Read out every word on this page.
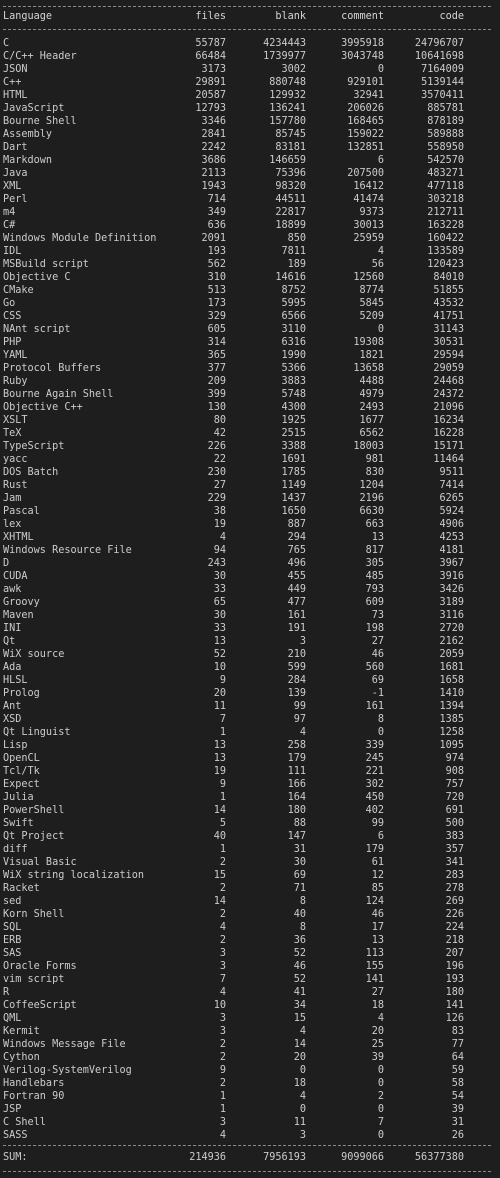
Language	files	blank	comment	code
C	55787	4234443	3995918	24796707
C/C++ Header	66484	1739977	3043748	10641698
JSON	3173	3002	0	7164009
C++	29891	880748	929101	5139144
HTML	20587	129932	32941	3570411
JavaScript	12793	136241	206026	885781
Bourne Shell	3346	157780	168465	878189
Assembly	2841	85745	159022	589888
Dart	2242	83181	132851	558950
Markdown	3686	146659	6	542570
Java	2113	75396	207500	483271
XML	1943	98320	16412	477118
Perl	714	44511	41474	303218
m4	349	22817	9373	212711
C#	636	18899	30013	163228
Windows Module Definition	2091	850	25959	160422
IDL	193	7811	4	133589
MSBuild script	562	189	56	120423
Objective C	310	14616	12560	84010
CMake	513	8752	8774	51855
Go	173	5995	5845	43532
CSS	329	6566	5209	41751
NAnt script	605	3110	0	31143
PHP	314	6316	19308	30531
YAML	365	1990	1821	29594
Protocol Buffers	377	5366	13658	29059
Ruby	209	3883	4488	24468
Bourne Again Shell	399	5748	4979	24372
Objective C++	130	4300	2493	21096
XSLT	80	1925	1677	16234
TeX	42	2515	6562	16228
TypeScript	226	3388	18003	15171
yacc	22	1691	981	11464
DOS Batch	230	1785	830	9511
Rust	27	1149	1204	7414
Jam	229	1437	2196	6265
Pascal	38	1650	6630	5924
lex	19	887	663	4906
XHTML	4	294	13	4253
Windows Resource File	94	765	817	4181
D	243	496	305	3967
CUDA	30	455	485	3916
awk	33	449	793	3426
Groovy	65	477	609	3189
Maven	30	161	73	3116
INI	33	191	198	2720
Qt	13	3	27	2162
WiX source	52	210	46	2059
Ada	10	599	560	1681
HLSL	9	284	69	1658
Prolog	20	139	-1	1410
Ant	11	99	161	1394
XSD	7	97	8	1385
Qt Linguist	1	4	0	1258
Lisp	13	258	339	1095
OpenCL	13	179	245	974
Tcl/Tk	19	111	221	908
Expect	9	166	302	757
Julia	1	164	450	720
PowerShell	14	180	402	691
Swift	5	88	99	500
Qt Project	40	147	6	383
diff	1	31	179	357
Visual Basic	2	30	61	341
WiX string localization	15	69	12	283
Racket	2	71	85	278
sed	14	8	124	269
Korn Shell	2	40	46	226
SQL	4	8	17	224
ERB	2	36	13	218
SAS	3	52	113	207
Oracle Forms	3	46	155	196
vim script	7	52	141	193
R	4	41	27	180
CoffeeScript	10	34	18	141
QML	3	15	4	126
Kermit	3	4	20	83
Windows Message File	2	14	25	77
Cython	2	20	39	64
Verilog-SystemVerilog	9	0	0	59
Handlebars	2	18	0	58
Fortran 90	1	4	2	54
JSP	1	0	0	39
C Shell	3	11	7	31
SASS	4	3	0	26
SUM:	214936	7956193	9099066	56377380
